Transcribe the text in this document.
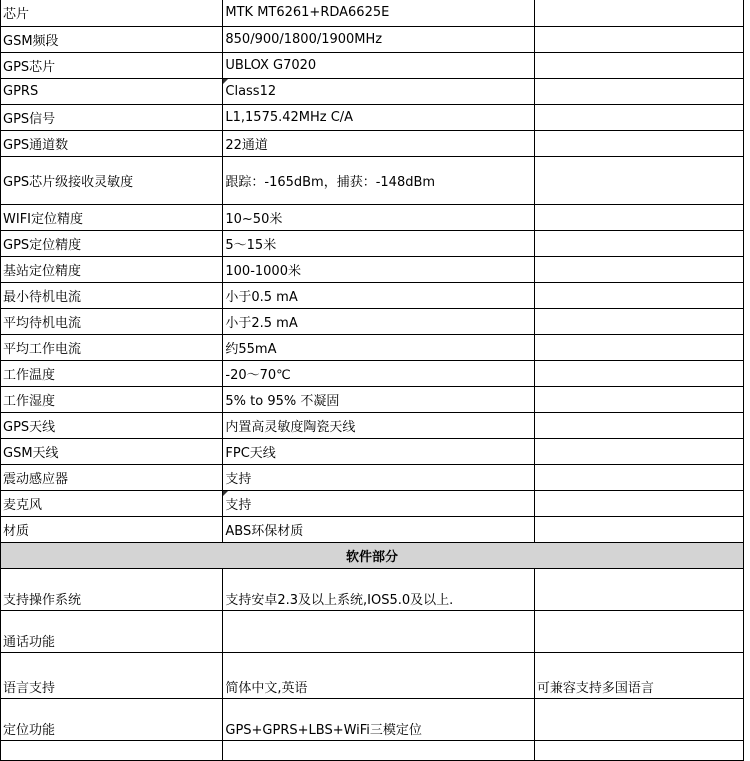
芯片	MTK MT6261+RDA6625E	
GSM频段	850/900/1800/1900MHz	
GPS芯片	UBLOX G7020	
GPRS	Class12	
GPS信号	L1,1575.42MHz C/A	
GPS通道数	22通道	
GPS芯片级接收灵敏度	跟踪：-165dBm，捕获：-148dBm	
WIFI定位精度	10~50米	
GPS定位精度	5～15米	
基站定位精度	100-1000米	
最小待机电流	小于0.5 mA	
平均待机电流	小于2.5 mA	
平均工作电流	约55mA	
工作温度	-20～70℃	
工作湿度	5% to 95% 不凝固	
GPS天线	内置高灵敏度陶瓷天线	
GSM天线	FPC天线	
震动感应器	支持	
麦克风	支持	
材质	ABS环保材质	
软件部分		
支持操作系统	支持安卓2.3及以上系统,IOS5.0及以上.	
通话功能		
语言支持	简体中文,英语	可兼容支持多国语言
定位功能	GPS+GPRS+LBS+WiFi三模定位	
